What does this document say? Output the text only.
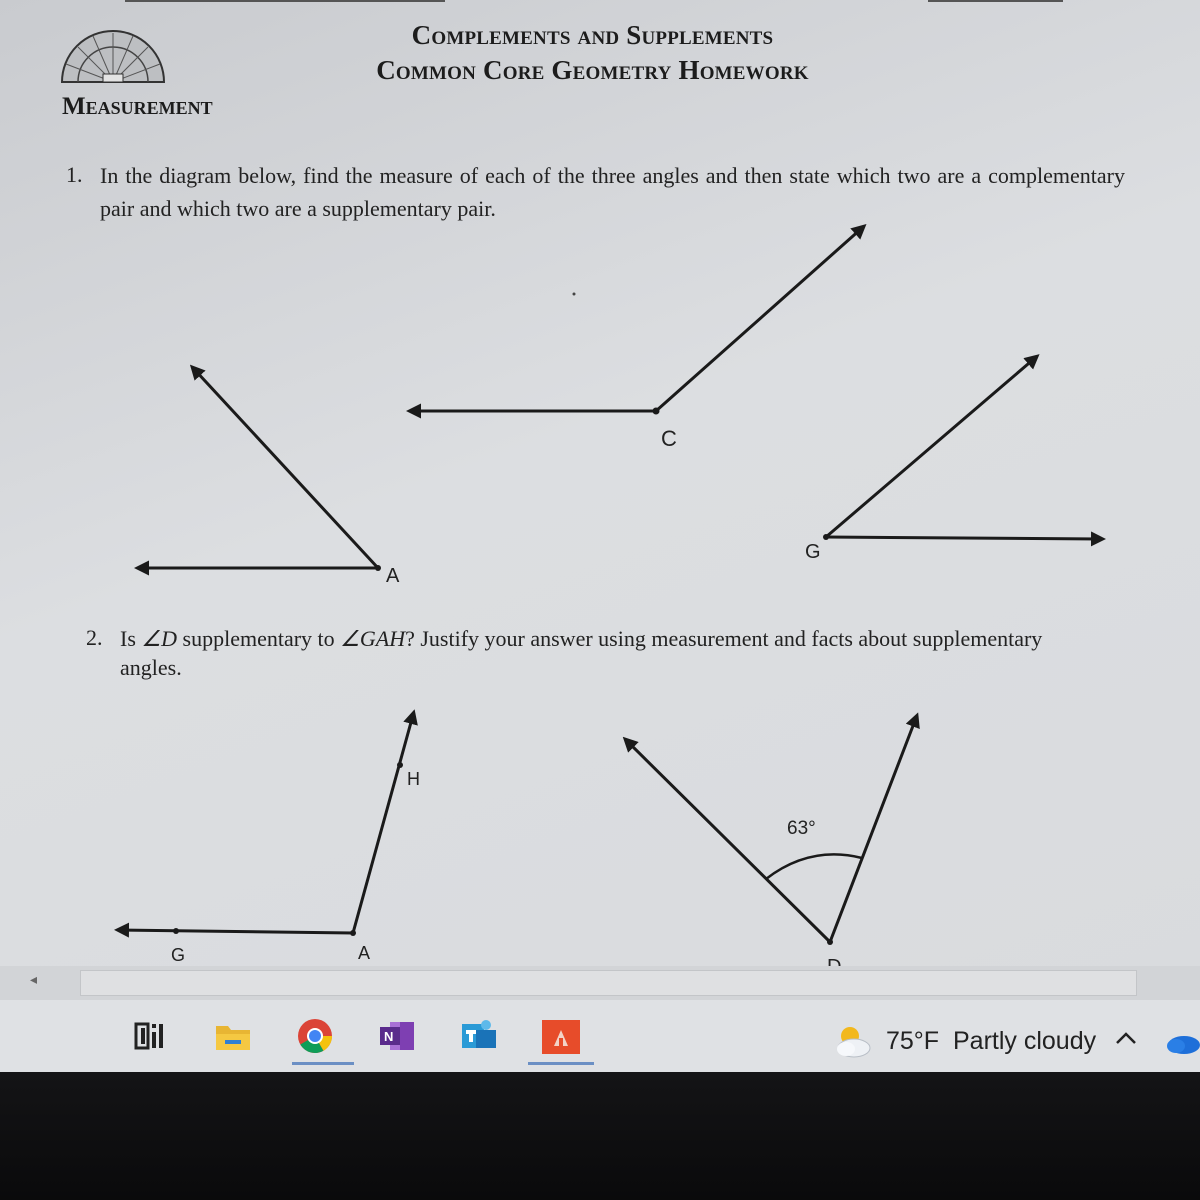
Complements and Supplements
Common Core Geometry Homework
Measurement
1. In the diagram below, find the measure of each of the three angles and then state which two are a complementary pair and which two are a supplementary pair.
2. Is ∠D supplementary to ∠GAH? Justify your answer using measurement and facts about supplementary angles.
A
C
G
G	A
H
63°
◂
N	75°F Partly cloudy
